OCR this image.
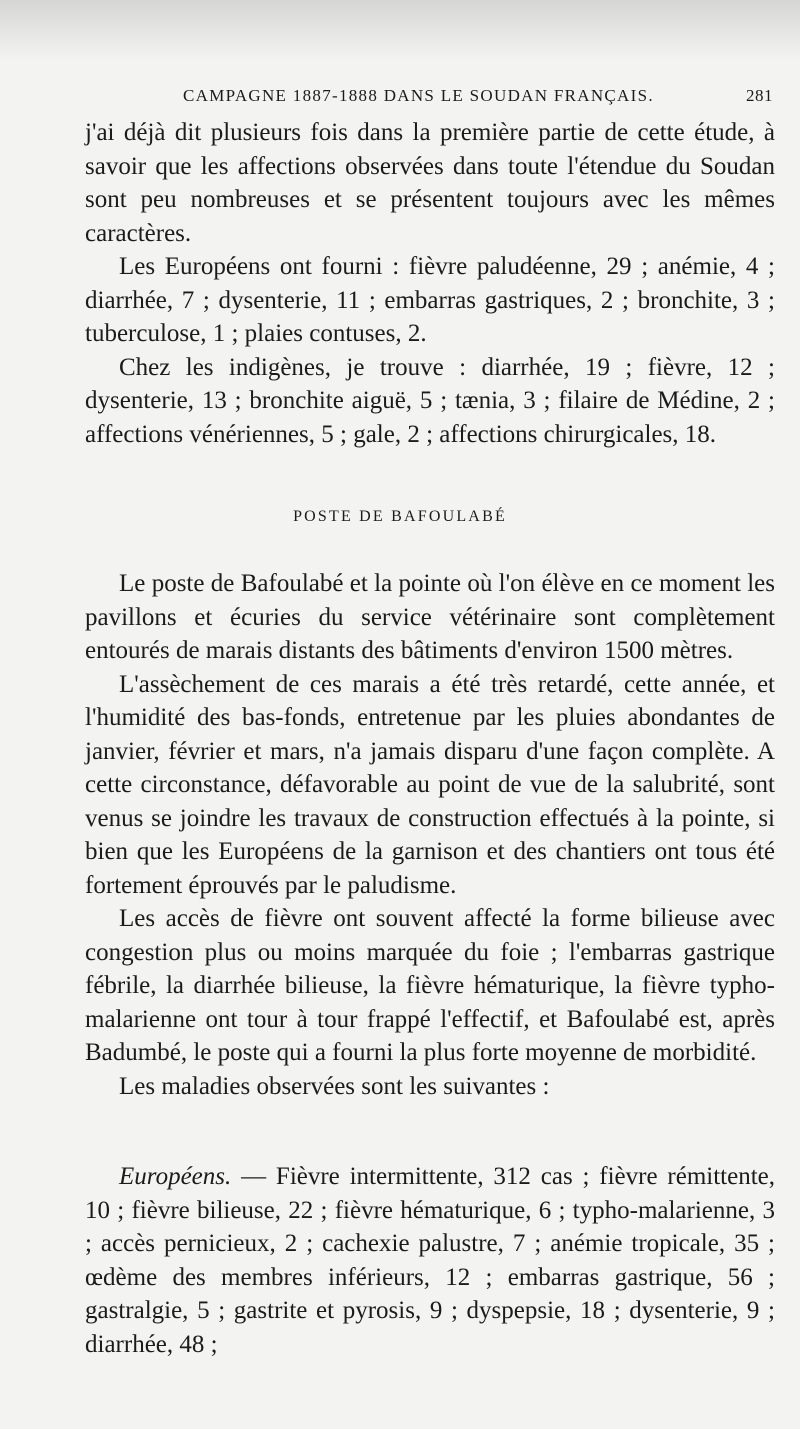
CAMPAGNE 1887-1888 DANS LE SOUDAN FRANÇAIS.	281

j'ai déjà dit plusieurs fois dans la première partie de cette étude, à savoir que les affections observées dans toute l'étendue du Soudan sont peu nombreuses et se présentent toujours avec les mêmes caractères.

Les Européens ont fourni : fièvre paludéenne, 29 ; anémie, 4 ; diarrhée, 7 ; dysenterie, 11 ; embarras gastriques, 2 ; bronchite, 3 ; tuberculose, 1 ; plaies contuses, 2.

Chez les indigènes, je trouve : diarrhée, 19 ; fièvre, 12 ; dysenterie, 13 ; bronchite aiguë, 5 ; tænia, 3 ; filaire de Médine, 2 ; affections vénériennes, 5 ; gale, 2 ; affections chirurgicales, 18.

POSTE DE BAFOULABÉ

Le poste de Bafoulabé et la pointe où l'on élève en ce moment les pavillons et écuries du service vétérinaire sont complètement entourés de marais distants des bâtiments d'environ 1500 mètres.

L'assèchement de ces marais a été très retardé, cette année, et l'humidité des bas-fonds, entretenue par les pluies abondantes de janvier, février et mars, n'a jamais disparu d'une façon complète. A cette circonstance, défavorable au point de vue de la salubrité, sont venus se joindre les travaux de construction effectués à la pointe, si bien que les Européens de la garnison et des chantiers ont tous été fortement éprouvés par le paludisme.

Les accès de fièvre ont souvent affecté la forme bilieuse avec congestion plus ou moins marquée du foie ; l'embarras gastrique fébrile, la diarrhée bilieuse, la fièvre hématurique, la fièvre typho-malarienne ont tour à tour frappé l'effectif, et Bafoulabé est, après Badumbé, le poste qui a fourni la plus forte moyenne de morbidité.

Les maladies observées sont les suivantes :

Européens. — Fièvre intermittente, 312 cas ; fièvre rémittente, 10 ; fièvre bilieuse, 22 ; fièvre hématurique, 6 ; typho-malarienne, 3 ; accès pernicieux, 2 ; cachexie palustre, 7 ; anémie tropicale, 35 ; œdème des membres inférieurs, 12 ; embarras gastrique, 56 ; gastralgie, 5 ; gastrite et pyrosis, 9 ; dyspepsie, 18 ; dysenterie, 9 ; diarrhée, 48 ;
